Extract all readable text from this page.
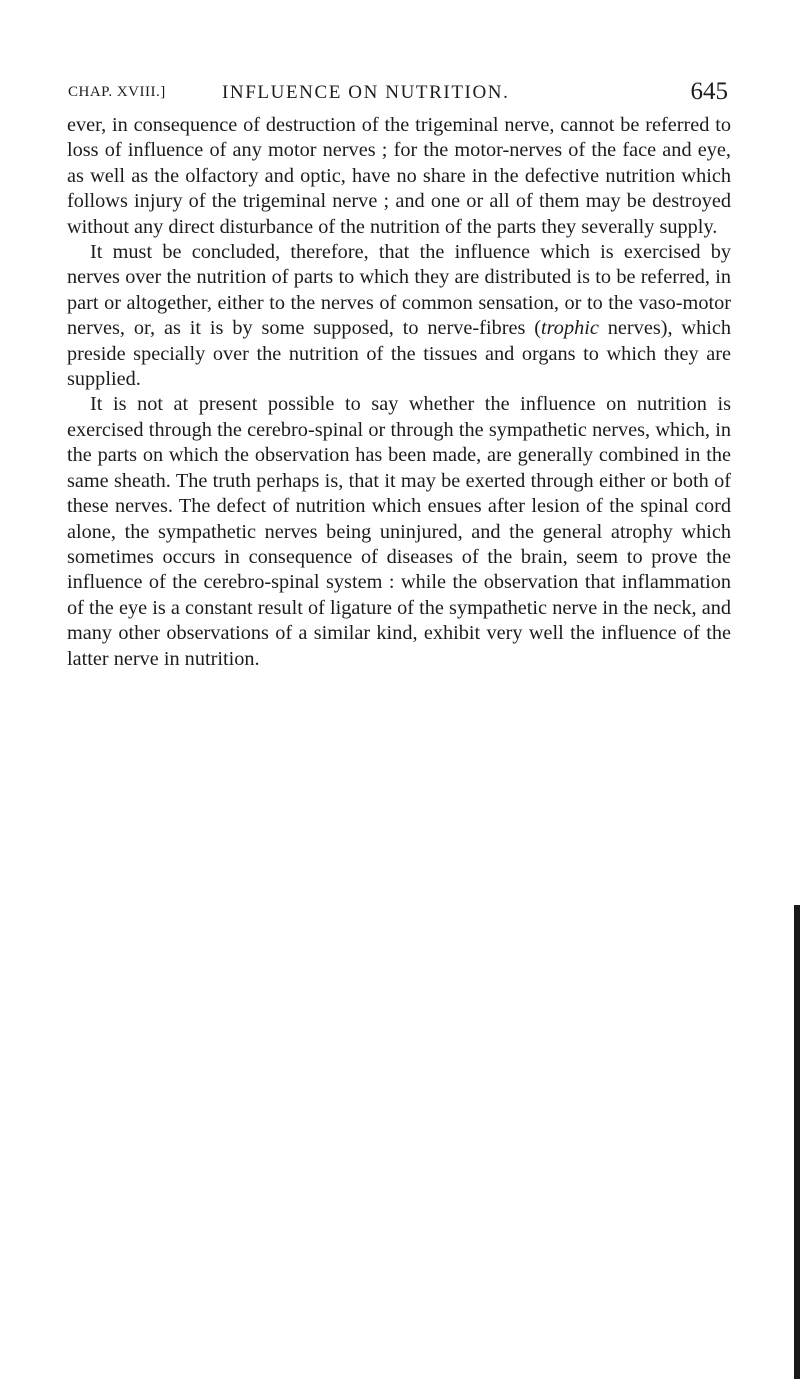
CHAP. XVIII.]	INFLUENCE ON NUTRITION.	645

ever, in consequence of destruction of the trigeminal nerve, cannot be referred to loss of influence of any motor nerves ; for the motor-nerves of the face and eye, as well as the olfactory and optic, have no share in the defective nutrition which follows injury of the trigeminal nerve ; and one or all of them may be destroyed without any direct disturbance of the nutrition of the parts they severally supply.

It must be concluded, therefore, that the influence which is exercised by nerves over the nutrition of parts to which they are distributed is to be referred, in part or altogether, either to the nerves of common sensation, or to the vaso-motor nerves, or, as it is by some supposed, to nerve-fibres (trophic nerves), which preside specially over the nutrition of the tissues and organs to which they are supplied.

It is not at present possible to say whether the influence on nutrition is exercised through the cerebro-spinal or through the sympathetic nerves, which, in the parts on which the observation has been made, are generally combined in the same sheath. The truth perhaps is, that it may be exerted through either or both of these nerves. The defect of nutrition which ensues after lesion of the spinal cord alone, the sympathetic nerves being uninjured, and the general atrophy which sometimes occurs in consequence of diseases of the brain, seem to prove the influence of the cerebro-spinal system : while the observation that inflammation of the eye is a constant result of ligature of the sympathetic nerve in the neck, and many other observations of a similar kind, exhibit very well the influence of the latter nerve in nutrition.
